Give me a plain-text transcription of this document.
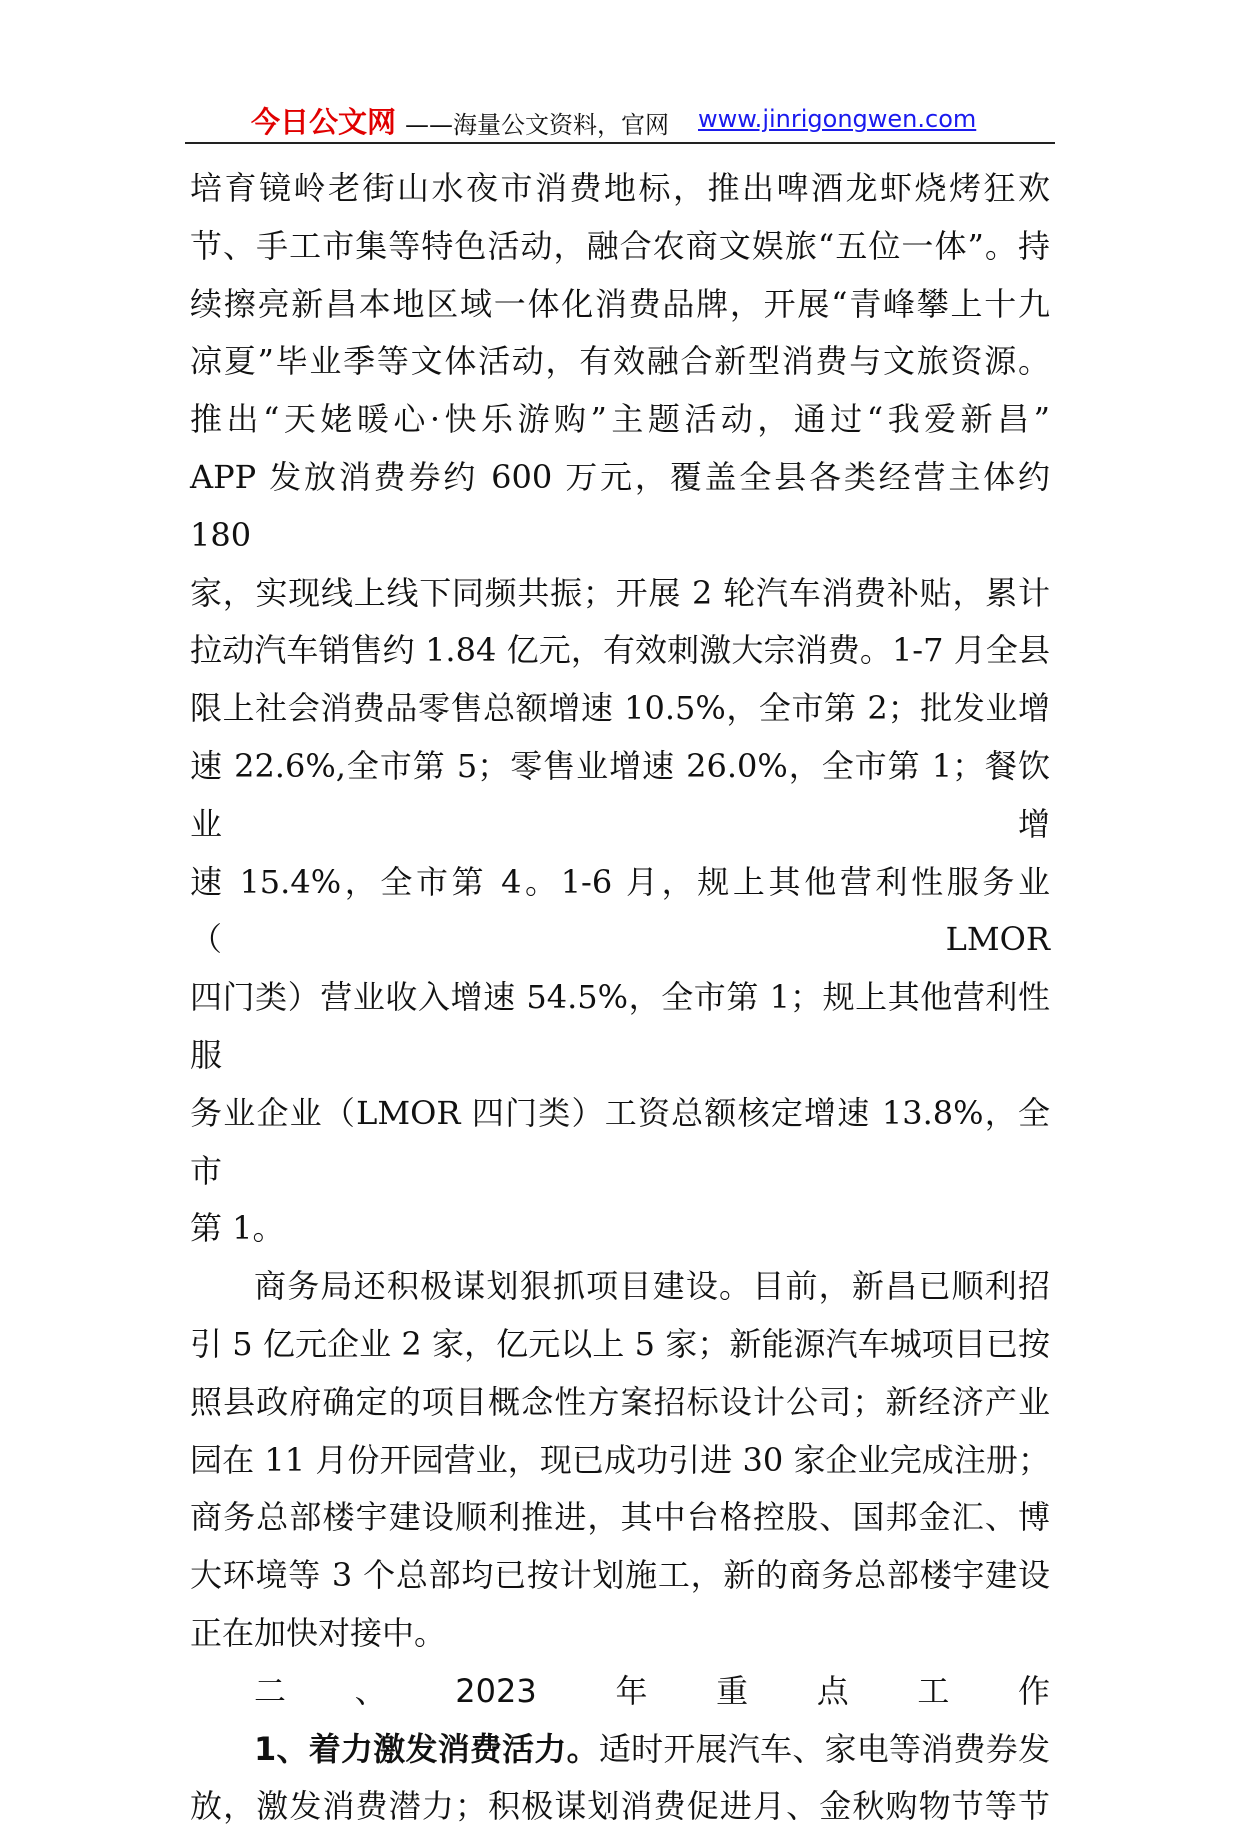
今日公文网 ——海量公文资料，官网 www.jinrigongwen.com

培育镜岭老街山水夜市消费地标，推出啤酒龙虾烧烤狂欢

节、手工市集等特色活动，融合农商文娱旅“五位一体”。持

续擦亮新昌本地区域一体化消费品牌，开展“青峰攀上十九

凉夏”毕业季等文体活动，有效融合新型消费与文旅资源。

推出“天姥暖心·快乐游购”主题活动，通过“我爱新昌”

APP 发放消费券约 600 万元，覆盖全县各类经营主体约 180

家，实现线上线下同频共振；开展 2 轮汽车消费补贴，累计

拉动汽车销售约 1.84 亿元，有效刺激大宗消费。1-7 月全县

限上社会消费品零售总额增速 10.5%，全市第 2；批发业增

速 22.6%,全市第 5；零售业增速 26.0%，全市第 1；餐饮业增

速 15.4%，全市第 4。1-6 月，规上其他营利性服务业（LMOR

四门类）营业收入增速 54.5%，全市第 1；规上其他营利性服

务业企业（LMOR 四门类）工资总额核定增速 13.8%，全市

第 1。

商务局还积极谋划狠抓项目建设。目前，新昌已顺利招

引 5 亿元企业 2 家，亿元以上 5 家；新能源汽车城项目已按

照县政府确定的项目概念性方案招标设计公司；新经济产业

园在 11 月份开园营业，现已成功引进 30 家企业完成注册；

商务总部楼宇建设顺利推进，其中台格控股、国邦金汇、博

大环境等 3 个总部均已按计划施工，新的商务总部楼宇建设

正在加快对接中。

二、2023 年重点工作

1、着力激发消费活力。适时开展汽车、家电等消费券发

放，激发消费潜力；积极谋划消费促进月、金秋购物节等节
